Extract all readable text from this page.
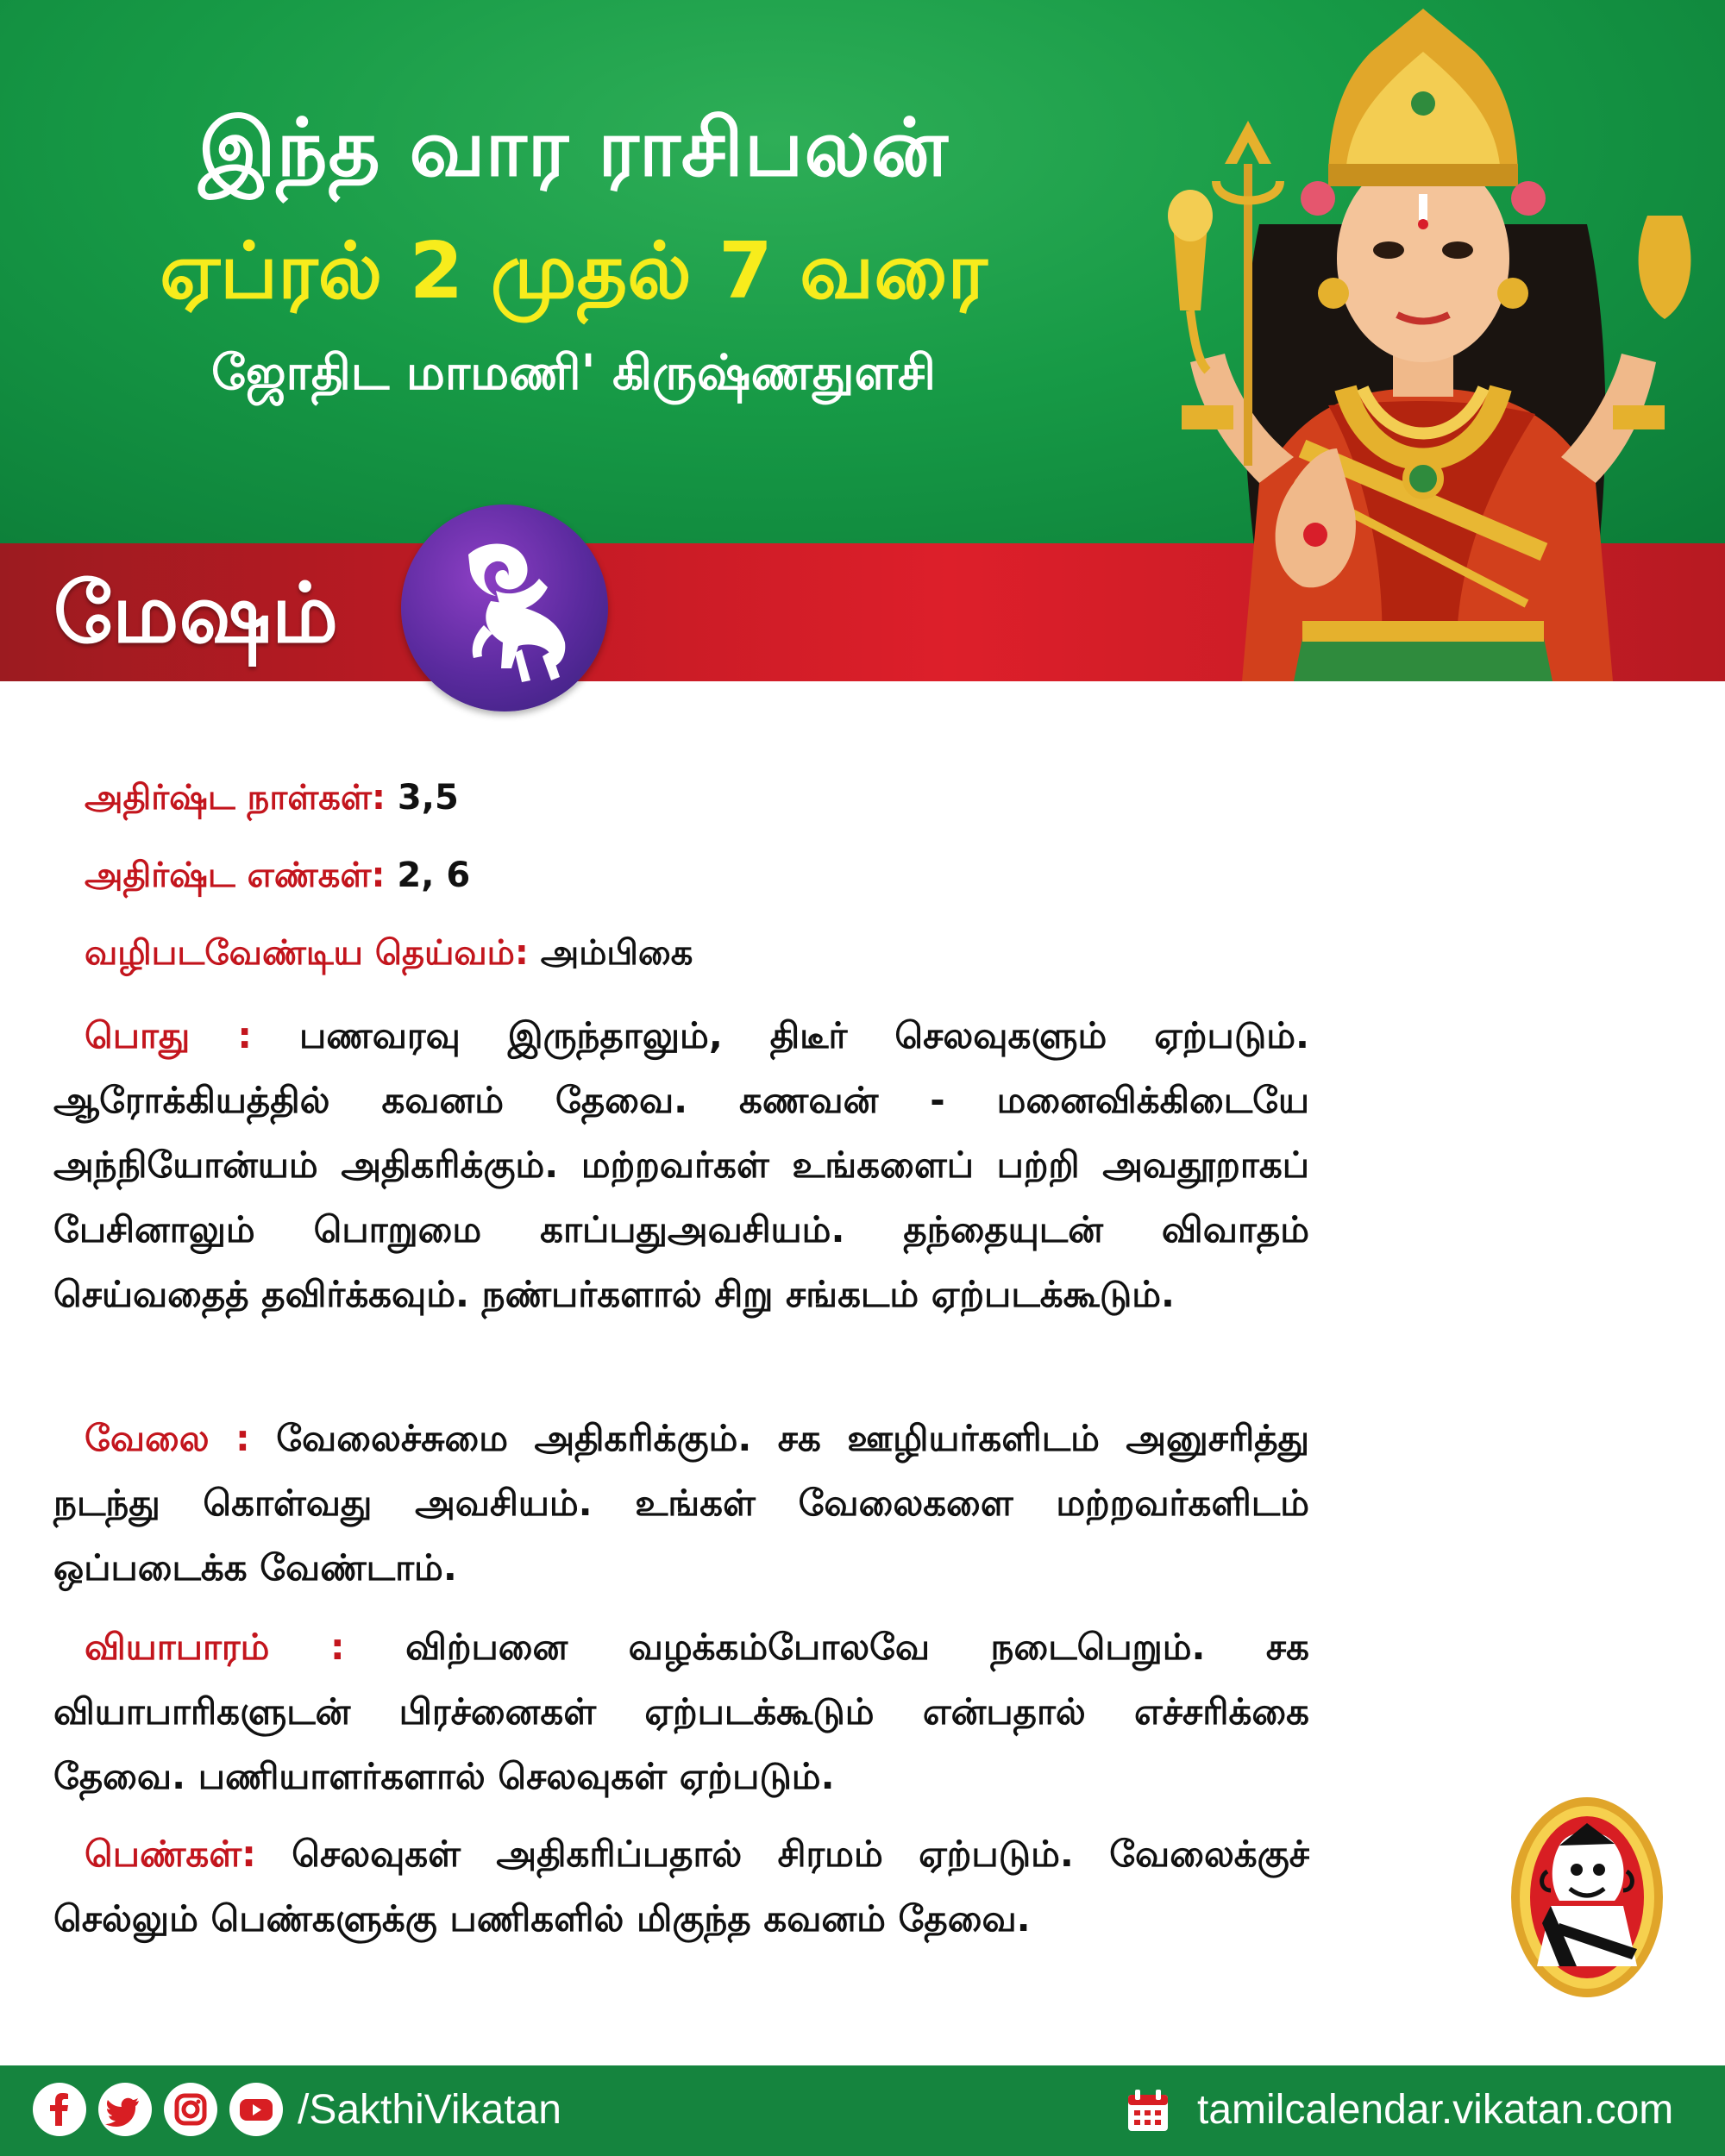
இந்த வார ராசிபலன்
ஏப்ரல் 2 முதல் 7 வரை
ஜோதிட மாமணி' கிருஷ்ணதுளசி
மேஷம்
அதிர்ஷ்ட நாள்கள்: 3,5
அதிர்ஷ்ட எண்கள்: 2, 6
வழிபடவேண்டிய தெய்வம்: அம்பிகை
பொது : பணவரவு இருந்தாலும், திடீர் செலவுகளும் ஏற்படும். ஆரோக்கியத்தில் கவனம் தேவை. கணவன் - மனைவிக்கிடையே அந்நியோன்யம் அதிகரிக்கும். மற்றவர்கள் உங்களைப் பற்றி அவதூறாகப் பேசினாலும் பொறுமை காப்பதுஅவசியம். தந்தையுடன் விவாதம் செய்வதைத் தவிர்க்கவும். நண்பர்களால் சிறு சங்கடம் ஏற்படக்கூடும்.
வேலை : வேலைச்சுமை அதிகரிக்கும். சக ஊழியர்களிடம் அனுசரித்து நடந்து கொள்வது அவசியம். உங்கள் வேலைகளை மற்றவர்களிடம் ஒப்படைக்க வேண்டாம்.
வியாபாரம் : விற்பனை வழக்கம்போலவே நடைபெறும். சக வியாபாரிகளுடன் பிரச்னைகள் ஏற்படக்கூடும் என்பதால் எச்சரிக்கை தேவை. பணியாளர்களால் செலவுகள் ஏற்படும்.
பெண்கள்: செலவுகள் அதிகரிப்பதால் சிரமம் ஏற்படும். வேலைக்குச் செல்லும் பெண்களுக்கு பணிகளில் மிகுந்த கவனம் தேவை.
/SakthiVikatan	tamilcalendar.vikatan.com
